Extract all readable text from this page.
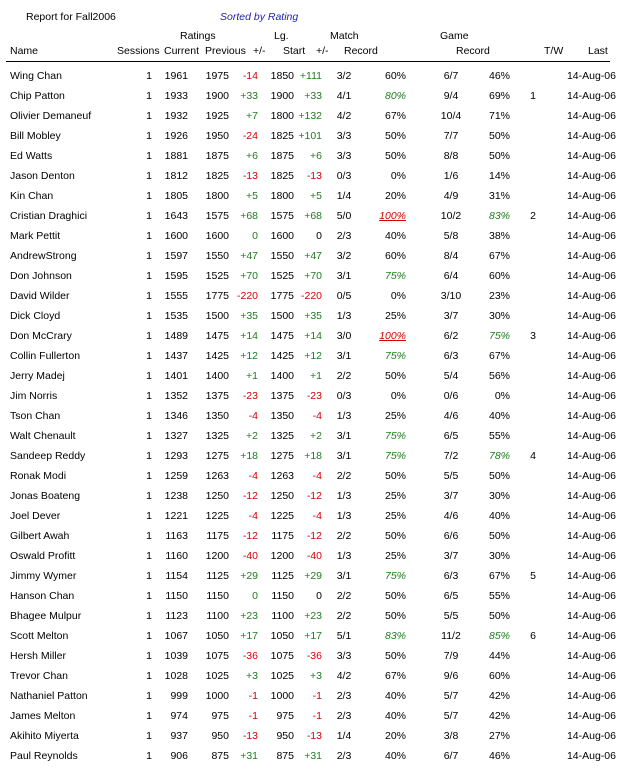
Report for Fall2006	Sorted by Rating
Ratings	Lg.	Match	Game
Name	Sessions Current Previous +/- Start +/- Record	Record	T/W Last
Wing Chan	1	1961	1975	-14	1850 +111	3/2	60%	6/7	46%	14-Aug-06
Chip Patton	1	1933	1900	+33	1900 +33	4/1	80%	9/4	69% 1	14-Aug-06
Olivier Demaneuf	1	1932	1925	+7	1800 +132	4/2	67%	10/4	71%	14-Aug-06
Bill Mobley	1	1926	1950	-24	1825 +101	3/3	50%	7/7	50%	14-Aug-06
Ed Watts	1	1881	1875	+6	1875	+6	3/3	50%	8/8	50%	14-Aug-06
Jason Denton	1	1812	1825	-13	1825	-13	0/3	0%	1/6	14%	14-Aug-06
Kin Chan	1	1805	1800	+5	1800	+5	1/4	20%	4/9	31%	14-Aug-06
Cristian Draghici	1	1643	1575	+68	1575 +68	5/0	100%	10/2	83% 2	14-Aug-06
Mark Pettit	1	1600	1600	0	1600	0	2/3	40%	5/8	38%	14-Aug-06
AndrewStrong	1	1597	1550	+47	1550 +47	3/2	60%	8/4	67%	14-Aug-06
Don Johnson	1	1595	1525	+70	1525 +70	3/1	75%	6/4	60%	14-Aug-06
David Wilder	1	1555	1775 -220	1775 -220	0/5	0%	3/10	23%	14-Aug-06
Dick Cloyd	1	1535	1500	+35	1500 +35	1/3	25%	3/7	30%	14-Aug-06
Don McCrary	1	1489	1475	+14	1475 +14	3/0	100%	6/2	75% 3	14-Aug-06
Collin Fullerton	1	1437	1425	+12	1425 +12	3/1	75%	6/3	67%	14-Aug-06
Jerry Madej	1	1401	1400	+1	1400	+1	2/2	50%	5/4	56%	14-Aug-06
Jim Norris	1	1352	1375	-23	1375	-23	0/3	0%	0/6	0%	14-Aug-06
Tson Chan	1	1346	1350	-4	1350	-4	1/3	25%	4/6	40%	14-Aug-06
Walt Chenault	1	1327	1325	+2	1325	+2	3/1	75%	6/5	55%	14-Aug-06
Sandeep Reddy	1	1293	1275	+18	1275 +18	3/1	75%	7/2	78% 4	14-Aug-06
Ronak Modi	1	1259	1263	-4	1263	-4	2/2	50%	5/5	50%	14-Aug-06
Jonas Boateng	1	1238	1250	-12	1250	-12	1/3	25%	3/7	30%	14-Aug-06
Joel Dever	1	1221	1225	-4	1225	-4	1/3	25%	4/6	40%	14-Aug-06
Gilbert Awah	1	1163	1175	-12	1175	-12	2/2	50%	6/6	50%	14-Aug-06
Oswald Profitt	1	1160	1200	-40	1200	-40	1/3	25%	3/7	30%	14-Aug-06
Jimmy Wymer	1	1154	1125	+29	1125 +29	3/1	75%	6/3	67% 5	14-Aug-06
Hanson Chan	1	1150	1150	0	1150	0	2/2	50%	6/5	55%	14-Aug-06
Bhagee Mulpur	1	1123	1100	+23	1100 +23	2/2	50%	5/5	50%	14-Aug-06
Scott Melton	1	1067	1050	+17	1050 +17	5/1	83%	11/2	85% 6	14-Aug-06
Hersh Miller	1	1039	1075	-36	1075	-36	3/3	50%	7/9	44%	14-Aug-06
Trevor Chan	1	1028	1025	+3	1025	+3	4/2	67%	9/6	60%	14-Aug-06
Nathaniel Patton	1	999	1000	-1	1000	-1	2/3	40%	5/7	42%	14-Aug-06
James Melton	1	974	975	-1	975	-1	2/3	40%	5/7	42%	14-Aug-06
Akihito Miyerta	1	937	950	-13	950	-13	1/4	20%	3/8	27%	14-Aug-06
Paul Reynolds	1	906	875	+31	875 +31	2/3	40%	6/7	46%	14-Aug-06
